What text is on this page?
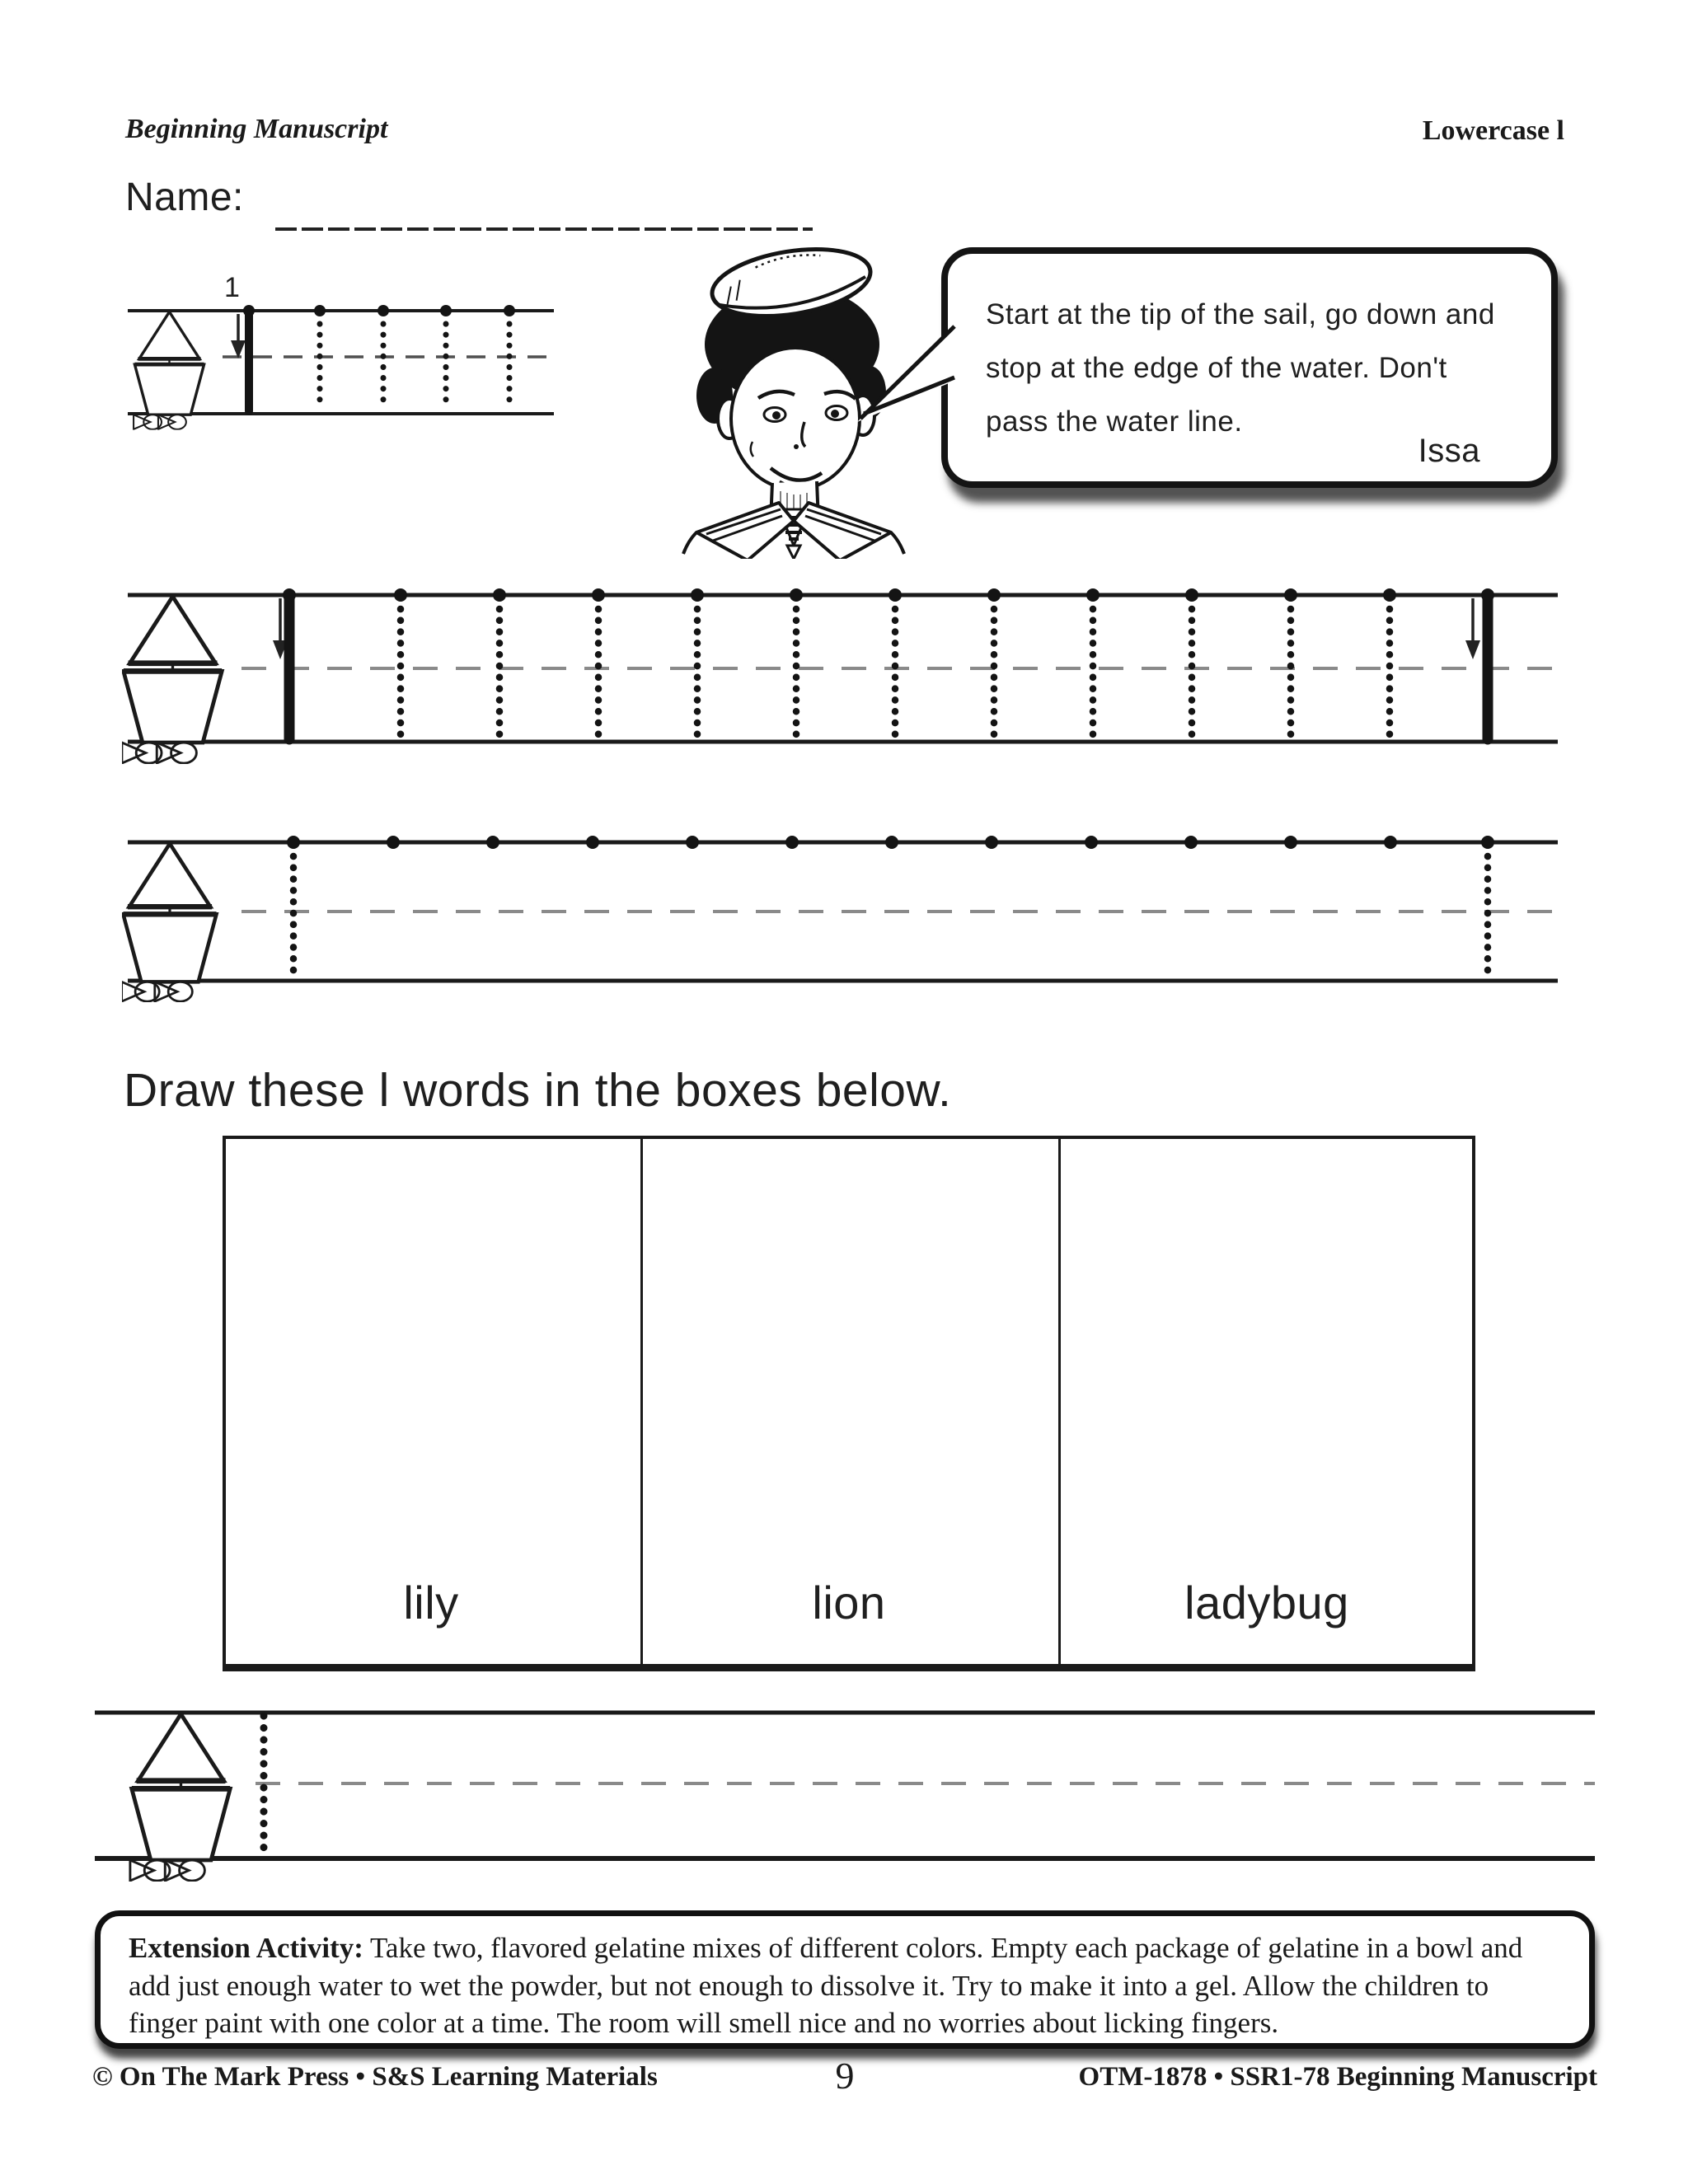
Beginning Manuscript	Lowercase l
Name:
1
Start at the tip of the sail, go down and
stop at the edge of the water. Don't
pass the water line.
Issa
Draw these l words in the boxes below.
lily	lion	ladybug
Extension Activity: Take two, flavored gelatine mixes of different colors. Empty each package of gelatine in a bowl and add just enough water to wet the powder, but not enough to dissolve it. Try to make it into a gel. Allow the children to finger paint with one color at a time. The room will smell nice and no worries about licking fingers.
© On The Mark Press • S&S Learning Materials	9	OTM-1878 • SSR1-78 Beginning Manuscript
